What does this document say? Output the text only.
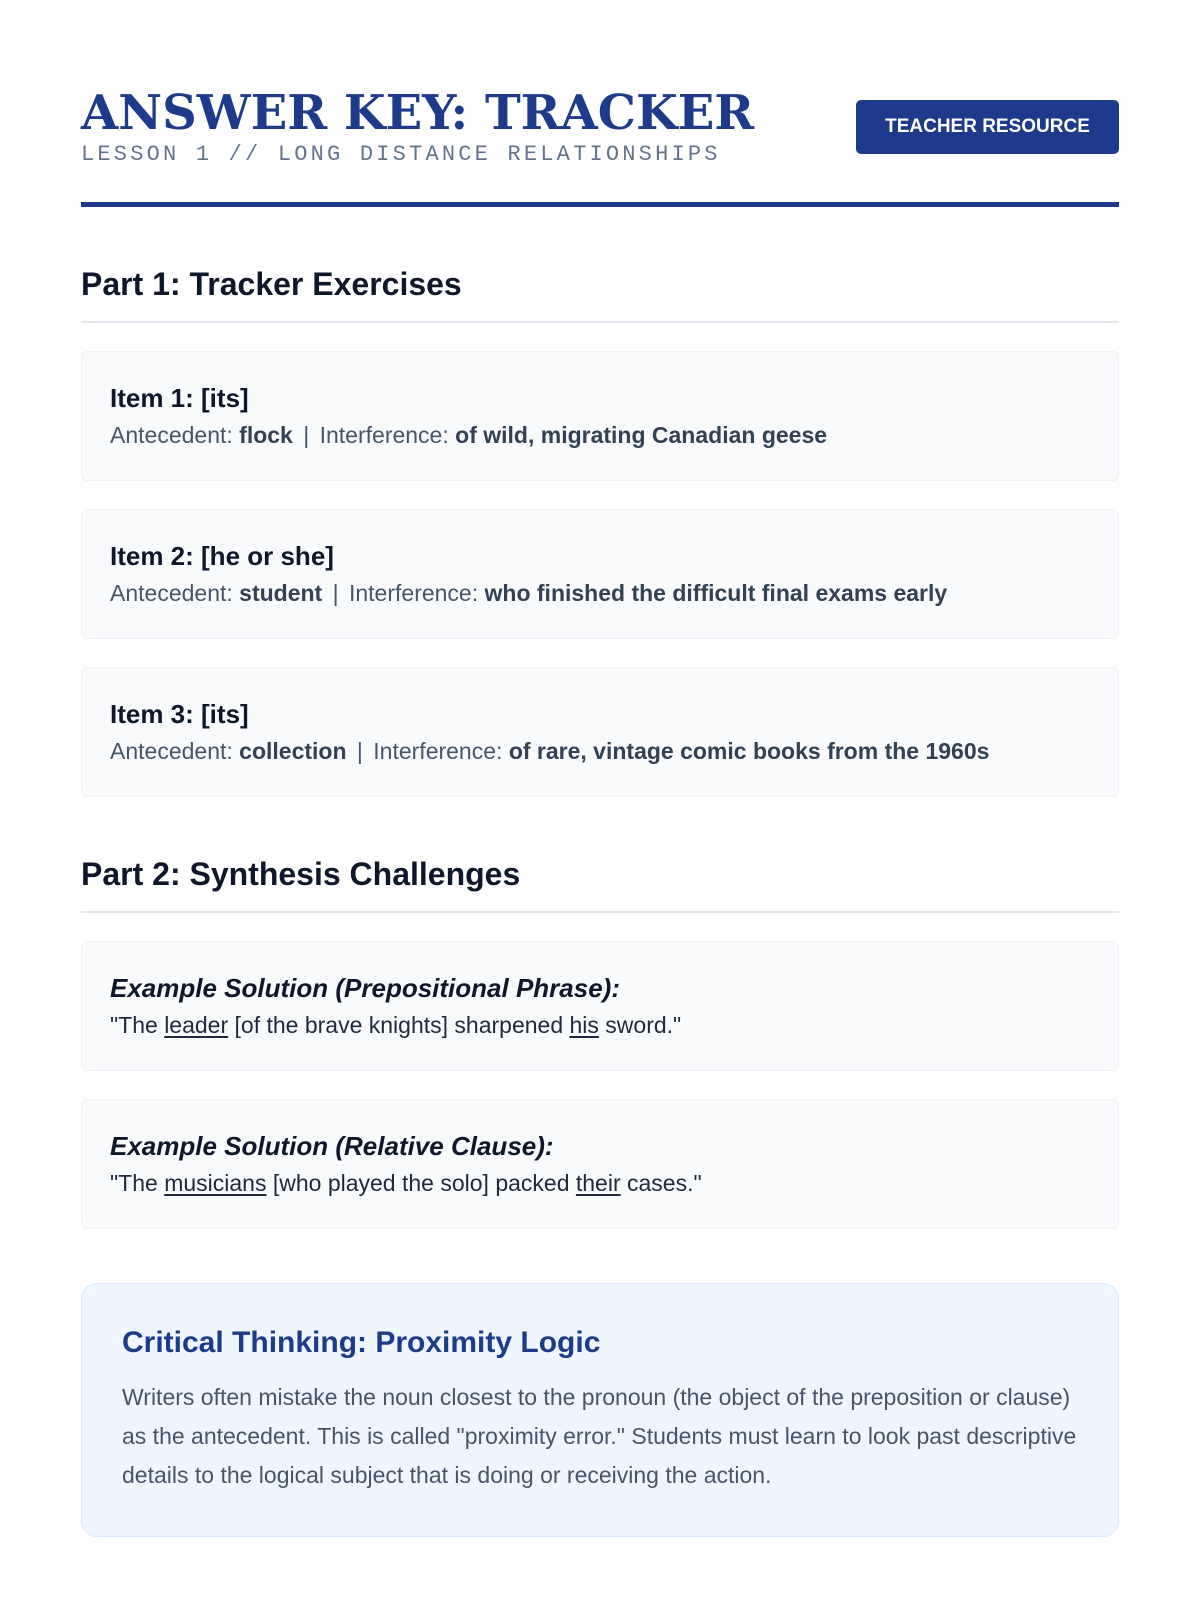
ANSWER KEY: TRACKER
LESSON 1 // LONG DISTANCE RELATIONSHIPS
TEACHER RESOURCE
Part 1: Tracker Exercises
Item 1: [its]
Antecedent: flock | Interference: of wild, migrating Canadian geese
Item 2: [he or she]
Antecedent: student | Interference: who finished the difficult final exams early
Item 3: [its]
Antecedent: collection | Interference: of rare, vintage comic books from the 1960s
Part 2: Synthesis Challenges
Example Solution (Prepositional Phrase):
"The leader [of the brave knights] sharpened his sword."
Example Solution (Relative Clause):
"The musicians [who played the solo] packed their cases."
Critical Thinking: Proximity Logic
Writers often mistake the noun closest to the pronoun (the object of the preposition or clause) as the antecedent. This is called "proximity error." Students must learn to look past descriptive details to the logical subject that is doing or receiving the action.
